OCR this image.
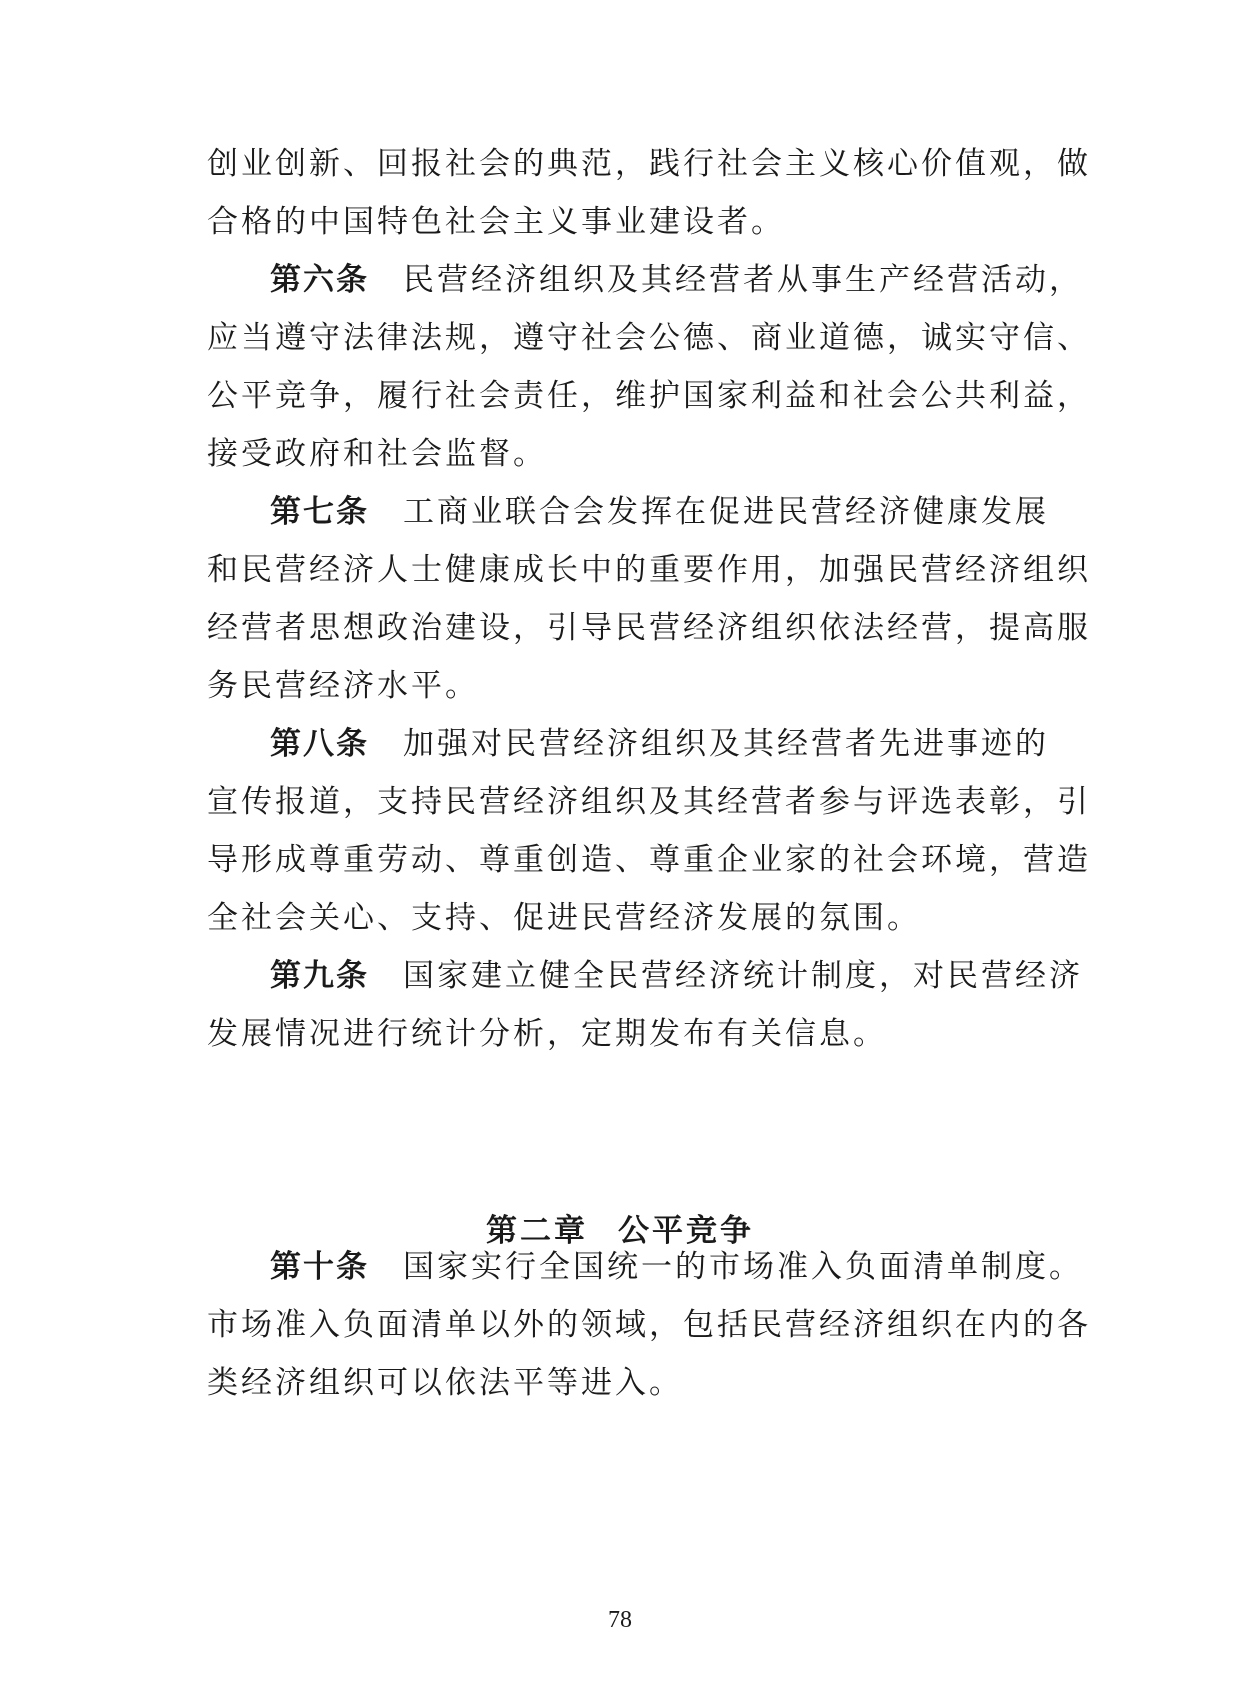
创业创新、回报社会的典范，践行社会主义核心价值观，做
合格的中国特色社会主义事业建设者。
第六条 民营经济组织及其经营者从事生产经营活动，
应当遵守法律法规，遵守社会公德、商业道德，诚实守信、
公平竞争，履行社会责任，维护国家利益和社会公共利益，
接受政府和社会监督。
第七条 工商业联合会发挥在促进民营经济健康发展
和民营经济人士健康成长中的重要作用，加强民营经济组织
经营者思想政治建设，引导民营经济组织依法经营，提高服
务民营经济水平。
第八条 加强对民营经济组织及其经营者先进事迹的
宣传报道，支持民营经济组织及其经营者参与评选表彰，引
导形成尊重劳动、尊重创造、尊重企业家的社会环境，营造
全社会关心、支持、促进民营经济发展的氛围。
第九条 国家建立健全民营经济统计制度，对民营经济
发展情况进行统计分析，定期发布有关信息。
第二章 公平竞争
第十条 国家实行全国统一的市场准入负面清单制度。
市场准入负面清单以外的领域，包括民营经济组织在内的各
类经济组织可以依法平等进入。
78
